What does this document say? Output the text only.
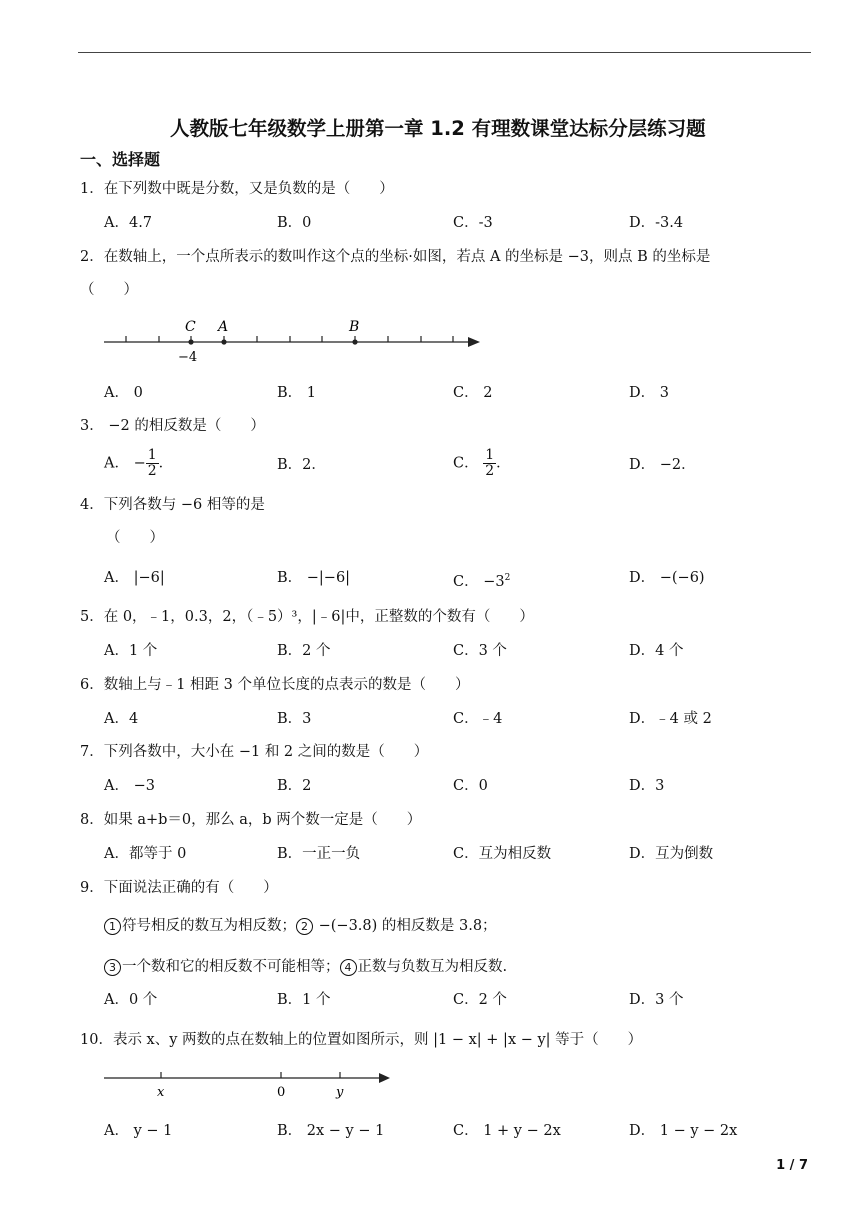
人教版七年级数学上册第一章 1.2 有理数课堂达标分层练习题
一、选择题
1．在下列数中既是分数，又是负数的是（　　）
A．4.7	B．0	C．-3	D．-3.4
2．在数轴上，一个点所表示的数叫作这个点的坐标·如图，若点 A 的坐标是 −3，则点 B 的坐标是
（　　）
C A	B
−4
A． 0	B． 1	C． 2	D． 3
3． −2 的相反数是（　　）
A． − $\frac{1}{2}$ ．	B．2．	C． $\frac{1}{2}$ ．	D． −2．
4．下列各数与 −6 相等的是
（　　）
A． |−6|	B． −|−6|	C． $-3^2$	D． −(−6)
5．在 0，﹣1，0.3，2，（﹣5）³，|﹣6|中，正整数的个数有（　　）
A．1 个	B．2 个	C．3 个	D．4 个
6．数轴上与﹣1 相距 3 个单位长度的点表示的数是（　　）
A．4	B．3	C．﹣4	D．﹣4 或 2
7．下列各数中，大小在 −1 和 2 之间的数是（　　）
A． −3	B．2	C．0	D．3
8．如果 a+b＝0，那么 a，b 两个数一定是（　　）
A．都等于 0	B．一正一负	C．互为相反数	D．互为倒数
9．下面说法正确的有（　　）
1 符号相反的数互为相反数； 2 −(−3.8) 的相反数是 3.8；
3 一个数和它的相反数不可能相等； 4 正数与负数互为相反数.
A．0 个	B．1 个	C．2 个	D．3 个
10．表示 x、y 两数的点在数轴上的位置如图所示，则 |1 − x| + |x − y| 等于（　　）
x	0	y
A． y − 1	B． 2x − y − 1	C． 1 + y − 2x	D． 1 − y − 2x
1 / 7
